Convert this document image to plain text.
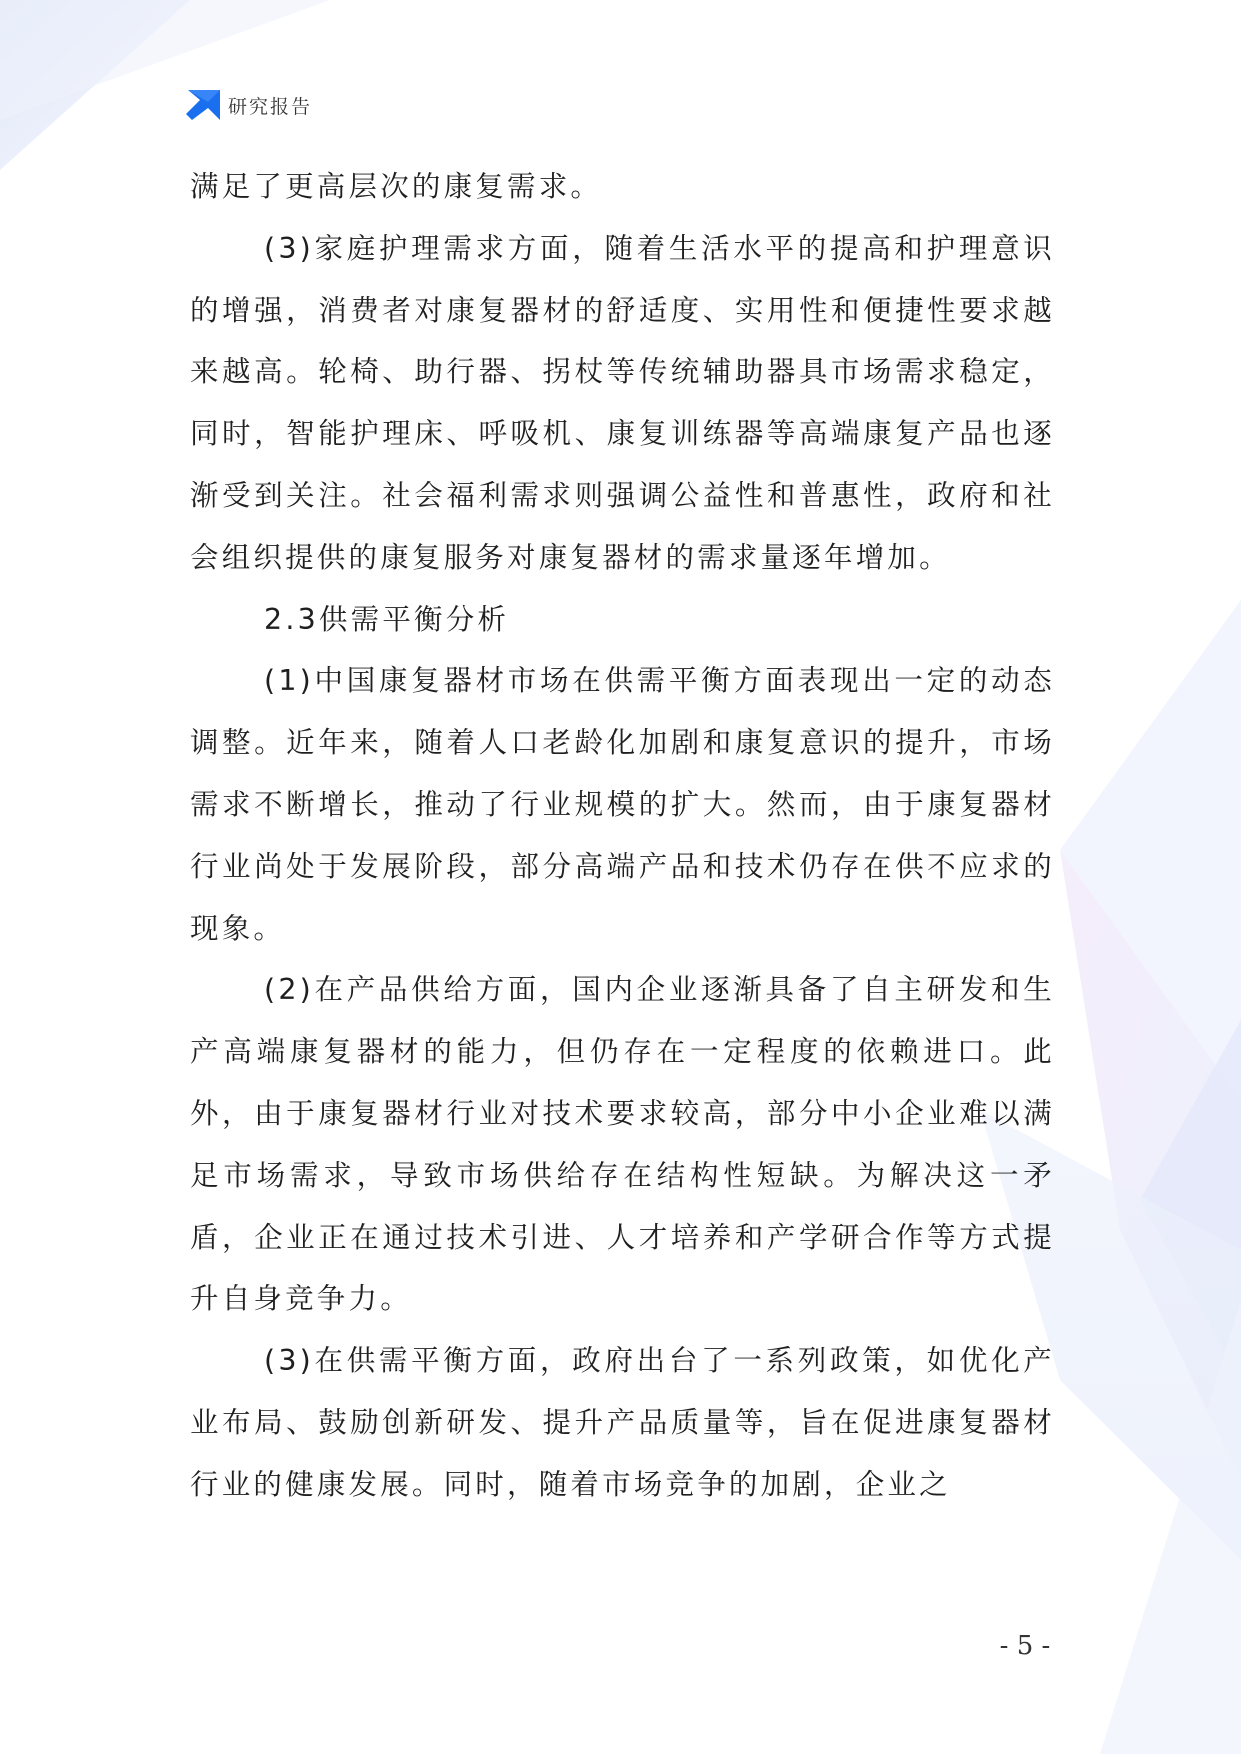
研究报告

满足了更高层次的康复需求。

(3)家庭护理需求方面，随着生活水平的提高和护理意识的增强，消费者对康复器材的舒适度、实用性和便捷性要求越来越高。轮椅、助行器、拐杖等传统辅助器具市场需求稳定，同时，智能护理床、呼吸机、康复训练器等高端康复产品也逐渐受到关注。社会福利需求则强调公益性和普惠性，政府和社会组织提供的康复服务对康复器材的需求量逐年增加。

2.3供需平衡分析

(1)中国康复器材市场在供需平衡方面表现出一定的动态调整。近年来，随着人口老龄化加剧和康复意识的提升，市场需求不断增长，推动了行业规模的扩大。然而，由于康复器材行业尚处于发展阶段，部分高端产品和技术仍存在供不应求的现象。

(2)在产品供给方面，国内企业逐渐具备了自主研发和生产高端康复器材的能力，但仍存在一定程度的依赖进口。此外，由于康复器材行业对技术要求较高，部分中小企业难以满足市场需求，导致市场供给存在结构性短缺。为解决这一矛盾，企业正在通过技术引进、人才培养和产学研合作等方式提升自身竞争力。

(3)在供需平衡方面，政府出台了一系列政策，如优化产业布局、鼓励创新研发、提升产品质量等，旨在促进康复器材行业的健康发展。同时，随着市场竞争的加剧，企业之

- 5 -
